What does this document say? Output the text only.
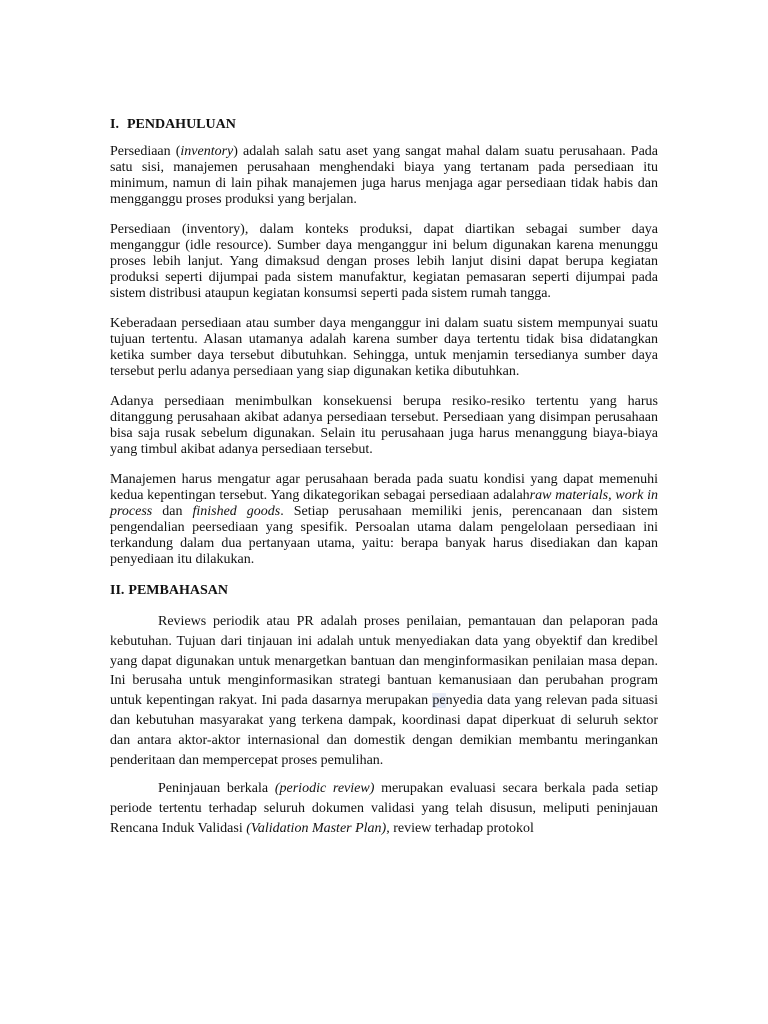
I. PENDAHULUAN

Persediaan (inventory) adalah salah satu aset yang sangat mahal dalam suatu perusahaan. Pada satu sisi, manajemen perusahaan menghendaki biaya yang tertanam pada persediaan itu minimum, namun di lain pihak manajemen juga harus menjaga agar persediaan tidak habis dan mengganggu proses produksi yang berjalan.

Persediaan (inventory), dalam konteks produksi, dapat diartikan sebagai sumber daya menganggur (idle resource). Sumber daya menganggur ini belum digunakan karena menunggu proses lebih lanjut. Yang dimaksud dengan proses lebih lanjut disini dapat berupa kegiatan produksi seperti dijumpai pada sistem manufaktur, kegiatan pemasaran seperti dijumpai pada sistem distribusi ataupun kegiatan konsumsi seperti pada sistem rumah tangga.

Keberadaan persediaan atau sumber daya menganggur ini dalam suatu sistem mempunyai suatu tujuan tertentu. Alasan utamanya adalah karena sumber daya tertentu tidak bisa didatangkan ketika sumber daya tersebut dibutuhkan. Sehingga, untuk menjamin tersedianya sumber daya tersebut perlu adanya persediaan yang siap digunakan ketika dibutuhkan.

Adanya persediaan menimbulkan konsekuensi berupa resiko-resiko tertentu yang harus ditanggung perusahaan akibat adanya persediaan tersebut. Persediaan yang disimpan perusahaan bisa saja rusak sebelum digunakan. Selain itu perusahaan juga harus menanggung biaya-biaya yang timbul akibat adanya persediaan tersebut.

Manajemen harus mengatur agar perusahaan berada pada suatu kondisi yang dapat memenuhi kedua kepentingan tersebut. Yang dikategorikan sebagai persediaan adalahraw materials, work in process dan finished goods. Setiap perusahaan memiliki jenis, perencanaan dan sistem pengendalian peersediaan yang spesifik. Persoalan utama dalam pengelolaan persediaan ini terkandung dalam dua pertanyaan utama, yaitu: berapa banyak harus disediakan dan kapan penyediaan itu dilakukan.

II. PEMBAHASAN

Reviews periodik atau PR adalah proses penilaian, pemantauan dan pelaporan pada kebutuhan. Tujuan dari tinjauan ini adalah untuk menyediakan data yang obyektif dan kredibel yang dapat digunakan untuk menargetkan bantuan dan menginformasikan penilaian masa depan. Ini berusaha untuk menginformasikan strategi bantuan kemanusiaan dan perubahan program untuk kepentingan rakyat. Ini pada dasarnya merupakan penyedia data yang relevan pada situasi dan kebutuhan masyarakat yang terkena dampak, koordinasi dapat diperkuat di seluruh sektor dan antara aktor-aktor internasional dan domestik dengan demikian membantu meringankan penderitaan dan mempercepat proses pemulihan.

Peninjauan berkala (periodic review) merupakan evaluasi secara berkala pada setiap periode tertentu terhadap seluruh dokumen validasi yang telah disusun, meliputi peninjauan Rencana Induk Validasi (Validation Master Plan), review terhadap protokol
